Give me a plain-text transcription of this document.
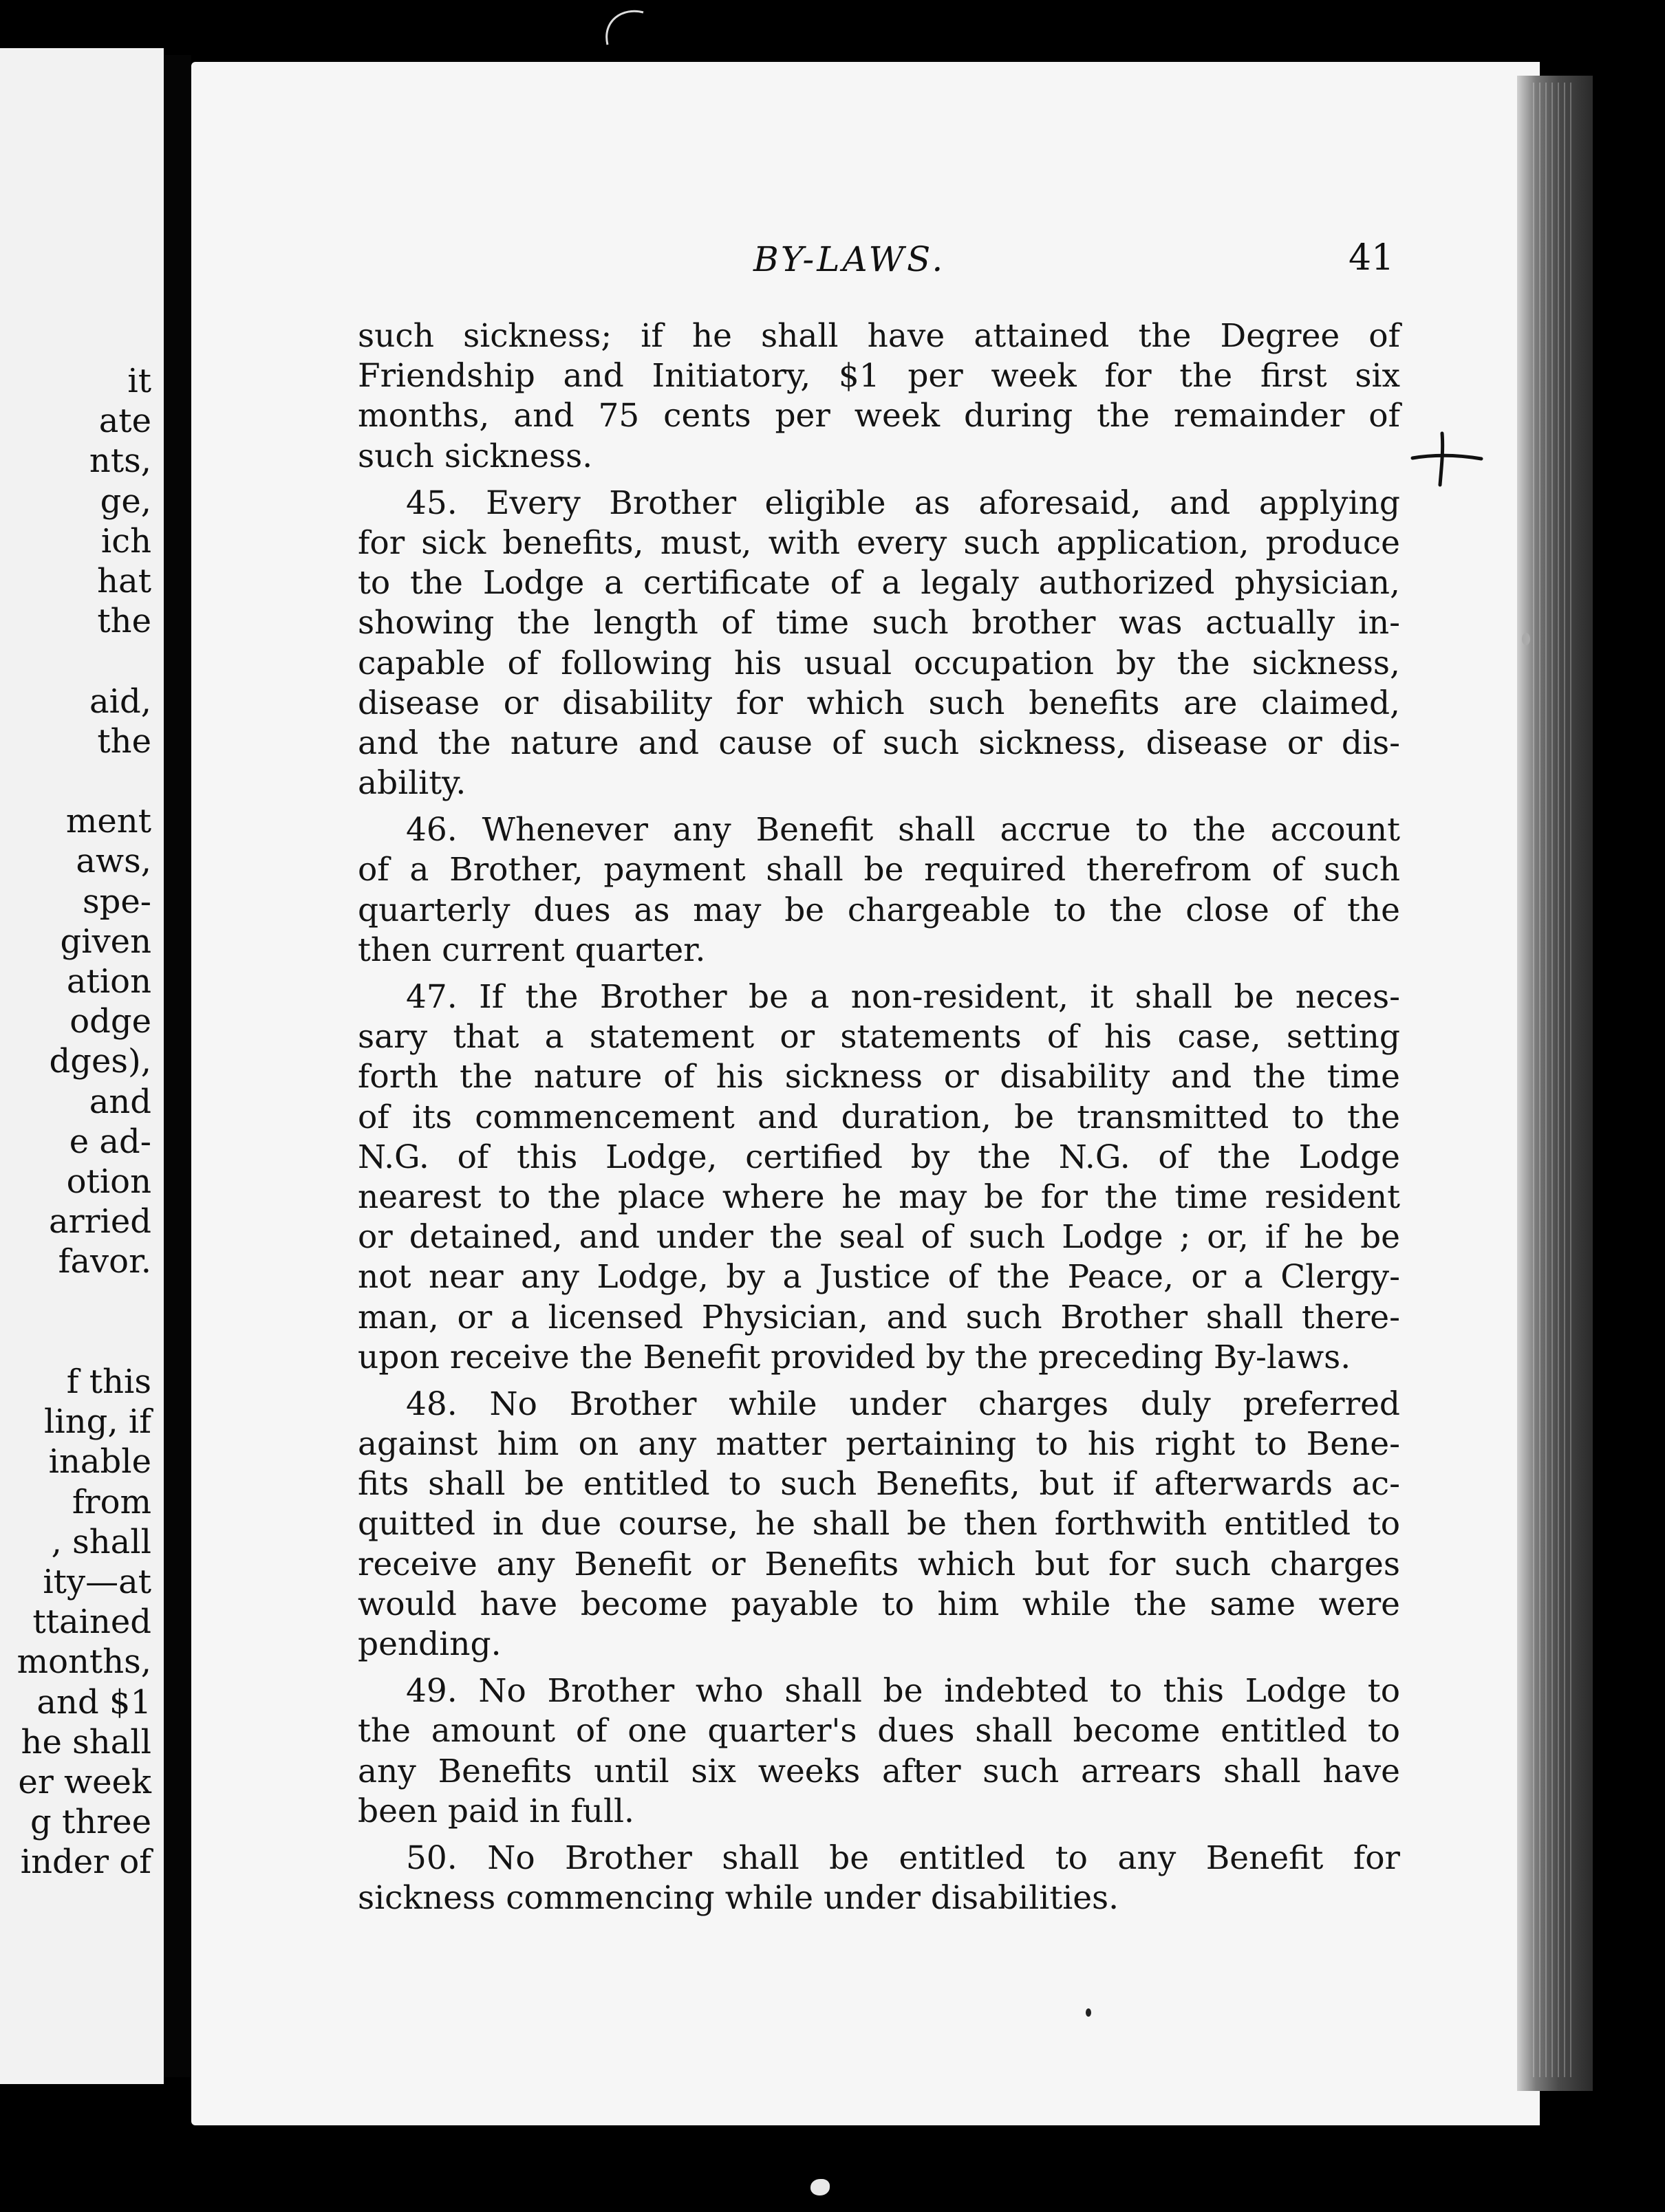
it
ate
nts,
ge,
ich
hat
the
aid,
the
ment
aws,
spe-
given
ation
odge
dges),
and
e ad-
otion
arried
favor.
f this
ling, if
inable
from
, shall
ity—at
ttained
months,
and $1
he shall
er week
g three
inder of
BY-LAWS.	41
such sickness; if he shall have attained the Degree of
Friendship and Initiatory, $1 per week for the first six
months, and 75 cents per week during the remainder of
such sickness.
45. Every Brother eligible as aforesaid, and applying
for sick benefits, must, with every such application, produce
to the Lodge a certificate of a legaly authorized physician,
showing the length of time such brother was actually in-
capable of following his usual occupation by the sickness,
disease or disability for which such benefits are claimed,
and the nature and cause of such sickness, disease or dis-
ability.
46. Whenever any Benefit shall accrue to the account
of a Brother, payment shall be required therefrom of such
quarterly dues as may be chargeable to the close of the
then current quarter.
47. If the Brother be a non-resident, it shall be neces-
sary that a statement or statements of his case, setting
forth the nature of his sickness or disability and the time
of its commencement and duration, be transmitted to the
N.G. of this Lodge, certified by the N.G. of the Lodge
nearest to the place where he may be for the time resident
or detained, and under the seal of such Lodge ; or, if he be
not near any Lodge, by a Justice of the Peace, or a Clergy-
man, or a licensed Physician, and such Brother shall there-
upon receive the Benefit provided by the preceding By-laws.
48. No Brother while under charges duly preferred
against him on any matter pertaining to his right to Bene-
fits shall be entitled to such Benefits, but if afterwards ac-
quitted in due course, he shall be then forthwith entitled to
receive any Benefit or Benefits which but for such charges
would have become payable to him while the same were
pending.
49. No Brother who shall be indebted to this Lodge to
the amount of one quarter's dues shall become entitled to
any Benefits until six weeks after such arrears shall have
been paid in full.
50. No Brother shall be entitled to any Benefit for
sickness commencing while under disabilities.
